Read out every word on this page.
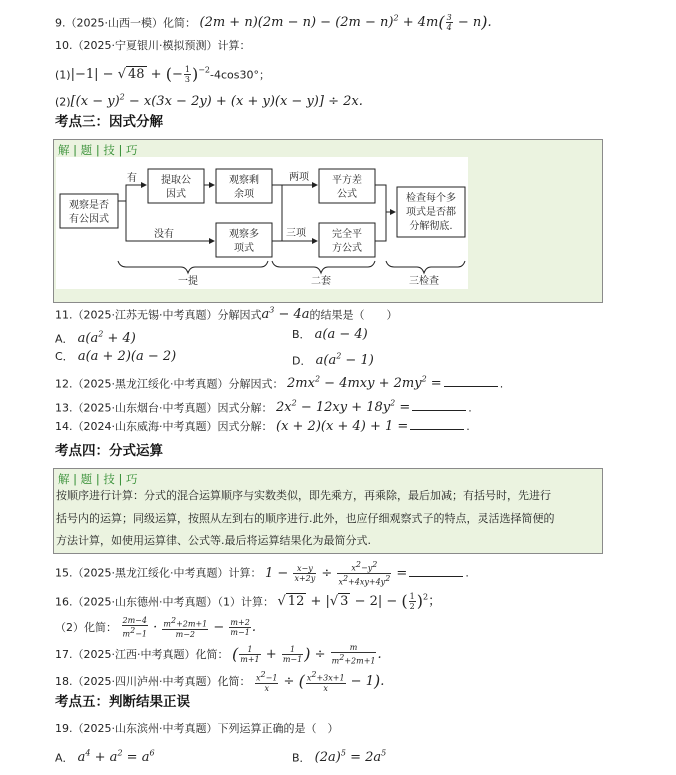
9.（2025·山西一模）化简： $(2m + n)(2m - n) - (2m - n)^2 + 4m( \frac{3}{4} - n)$.
10.（2025·宁夏银川·模拟预测）计算：
(1)|−1| − √ 48 + (− $\frac{1}{3} )^{-2}-4\cos 30^\circ$；
$(2)[(x - y)^2 - x(3x - 2y) + (x + y)(x - y)] \div 2x$.
考点三：因式分解
解 | 题 | 技 | 巧
观察是否
有公因式
有
没有
提取公
因式
观察剩
余项
观察多
项式
两项
三项
平方差
公式
完全平
方公式
检查每个多
项式是否都
分解彻底.
一提	二套	三检查
11.（2025·江苏无锡·中考真题）分解因式$a^3 - 4a$的结果是（　　）
A． $a(a^2 + 4)$	B． a(a − 4)
C． a(a + 2)(a − 2)	D． $a(a^2 - 1)$
12.（2025·黑龙江绥化·中考真题）分解因式： $2mx^2 - 4mxy + 2my^2$ =	.
13.（2025·山东烟台·中考真题）因式分解： $2x^2 - 12xy + 18y^2$ =	.
14.（2024·山东威海·中考真题）因式分解： (x + 2)(x + 4) + 1 =	.
考点四：分式运算
解 | 题 | 技 | 巧
按顺序进行计算：分式的混合运算顺序与实数类似，即先乘方，再乘除，最后加减；有括号时，先进行
括号内的运算；同级运算，按照从左到右的顺序进行.此外，也应仔细观察式子的特点，灵活选择简便的
方法计算，如使用运算律、公式等.最后将运算结果化为最简分式.
15.（2025·黑龙江绥化·中考真题）计算： $1 - \frac{x-y}{x+2y} \div \frac{x^2-y^2}{x^2+4xy+4y^2}$ =	.
16.（2025·山东德州·中考真题）（1）计算： √ 12 + |√ 3 − 2| − ( $\frac{1}{2} )^2$；
（2）化简： $\frac{2m-4}{m^2-1} \cdot \frac{m^2+2m+1}{m-2} - \frac{m+2}{m-1}$ .
17.（2025·江西·中考真题）化简： ( $\frac{1}{m+1} + \frac{1}{m-1}$ ) ÷ $\frac{m}{m^2+2m+1}$ .
18.（2025·四川泸州·中考真题）化简： $\frac{x^2-1}{x}$ ÷ ( $\frac{x^2+3x+1}{x} - 1$).
考点五：判断结果正误
19.（2025·山东滨州·中考真题）下列运算正确的是（　）
A． $a^4 + a^2 = a^6$	B． $(2a)^5 = 2a^5$
